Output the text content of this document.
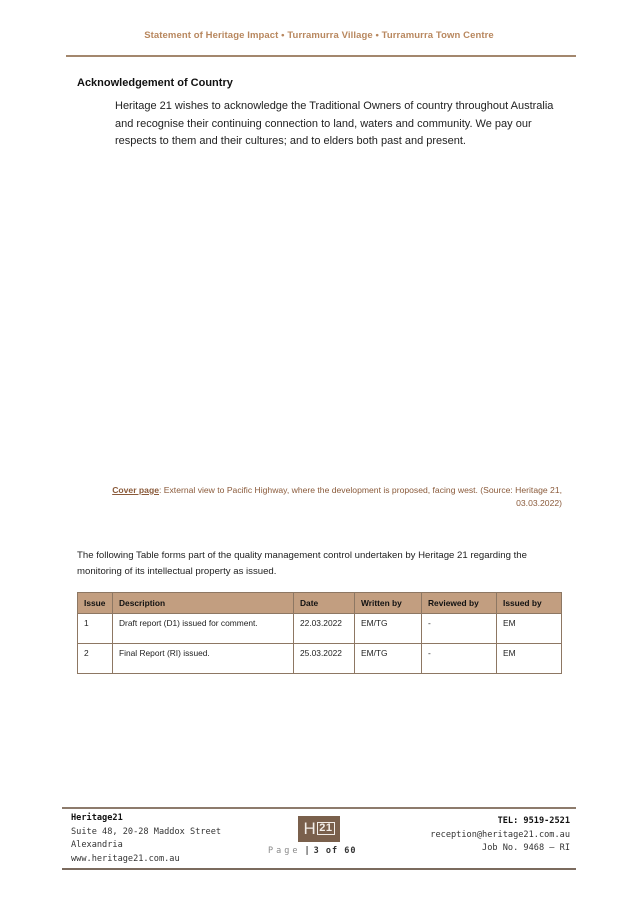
Statement of Heritage Impact • Turramurra Village • Turramurra Town Centre
Acknowledgement of Country
Heritage 21 wishes to acknowledge the Traditional Owners of country throughout Australia and recognise their continuing connection to land, waters and community. We pay our respects to them and their cultures; and to elders both past and present.
Cover page: External view to Pacific Highway, where the development is proposed, facing west. (Source: Heritage 21, 03.03.2022)
The following Table forms part of the quality management control undertaken by Heritage 21 regarding the monitoring of its intellectual property as issued.
Issue	Description	Date	Written by	Reviewed by	Issued by
1	Draft report (D1) issued for comment.	22.03.2022	EM/TG	-	EM
2	Final Report (RI) issued.	25.03.2022	EM/TG	-	EM
Heritage21
Suite 48, 20-28 Maddox Street
Alexandria
www.heritage21.com.au
H 21
Page | 3 of 60
TEL: 9519-2521
reception@heritage21.com.au
Job No. 9468 – RI
